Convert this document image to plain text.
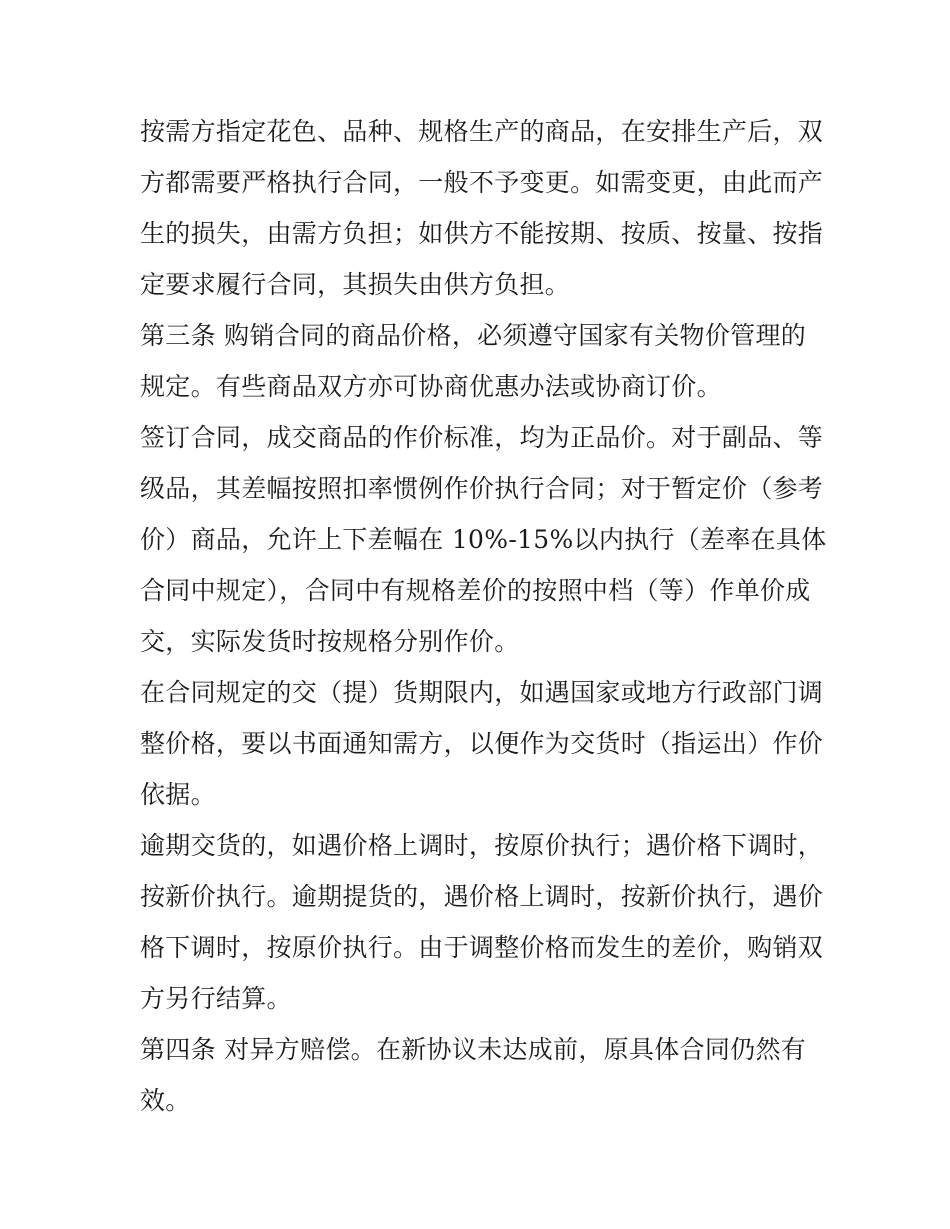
按需方指定花色、品种、规格生产的商品，在安排生产后，双
方都需要严格执行合同，一般不予变更。如需变更，由此而产
生的损失，由需方负担；如供方不能按期、按质、按量、按指
定要求履行合同，其损失由供方负担。
第三条 购销合同的商品价格，必须遵守国家有关物价管理的
规定。有些商品双方亦可协商优惠办法或协商订价。
签订合同，成交商品的作价标准，均为正品价。对于副品、等
级品，其差幅按照扣率惯例作价执行合同；对于暂定价（参考
价）商品，允许上下差幅在 10%-15%以内执行（差率在具体
合同中规定），合同中有规格差价的按照中档（等）作单价成
交，实际发货时按规格分别作价。
在合同规定的交（提）货期限内，如遇国家或地方行政部门调
整价格，要以书面通知需方，以便作为交货时（指运出）作价
依据。
逾期交货的，如遇价格上调时，按原价执行；遇价格下调时，
按新价执行。逾期提货的，遇价格上调时，按新价执行，遇价
格下调时，按原价执行。由于调整价格而发生的差价，购销双
方另行结算。
第四条 对异方赔偿。在新协议未达成前，原具体合同仍然有
效。
